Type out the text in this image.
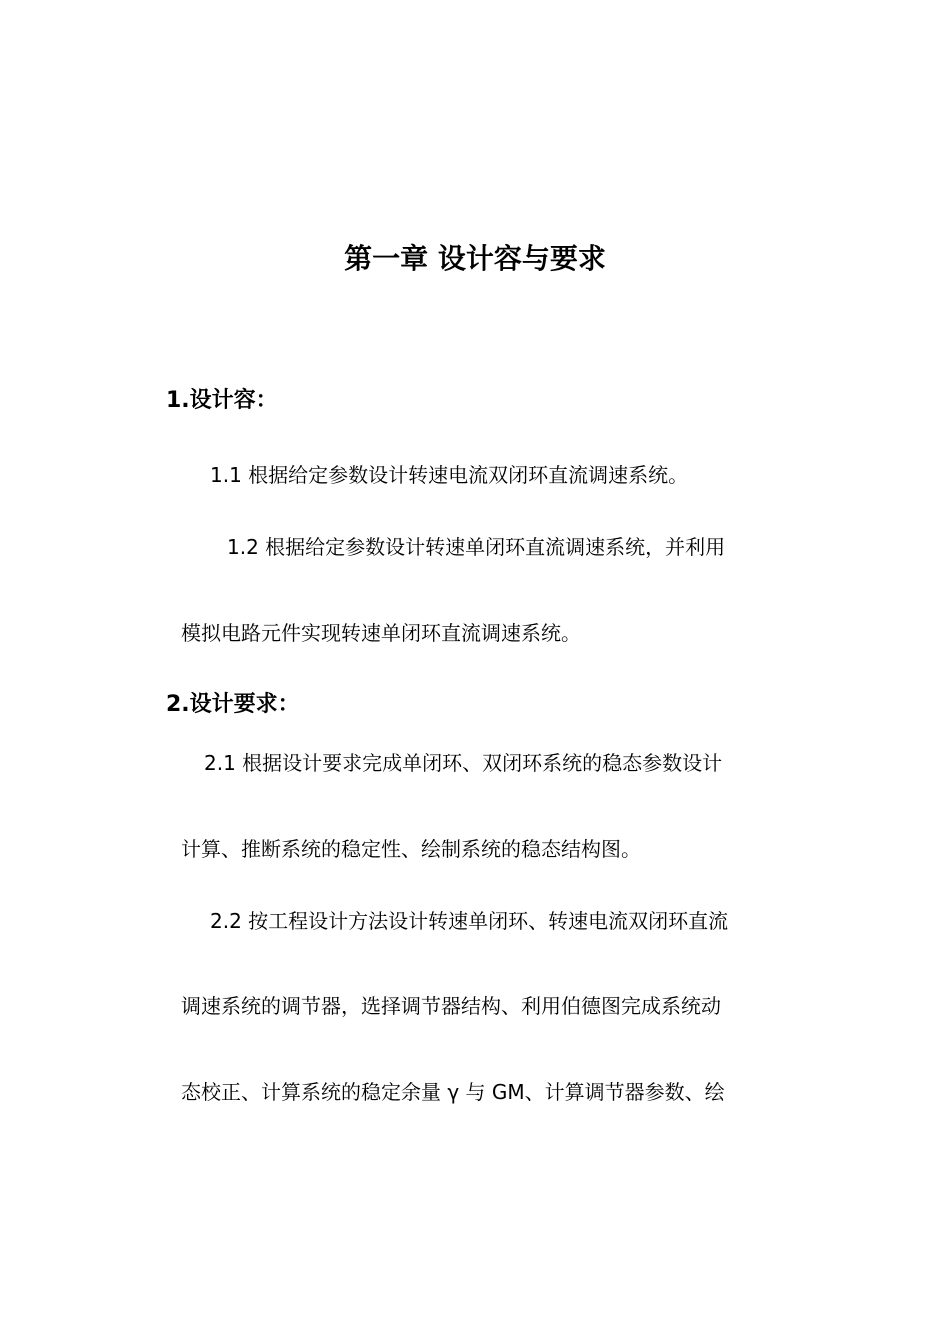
第一章 设计容与要求
1.设计容：
1.1 根据给定参数设计转速电流双闭环直流调速系统。
1.2 根据给定参数设计转速单闭环直流调速系统，并利用
模拟电路元件实现转速单闭环直流调速系统。
2.设计要求：
2.1 根据设计要求完成单闭环、双闭环系统的稳态参数设计
计算、推断系统的稳定性、绘制系统的稳态结构图。
2.2 按工程设计方法设计转速单闭环、转速电流双闭环直流
调速系统的调节器，选择调节器结构、利用伯德图完成系统动
态校正、计算系统的稳定余量 γ 与 GM、计算调节器参数、绘
